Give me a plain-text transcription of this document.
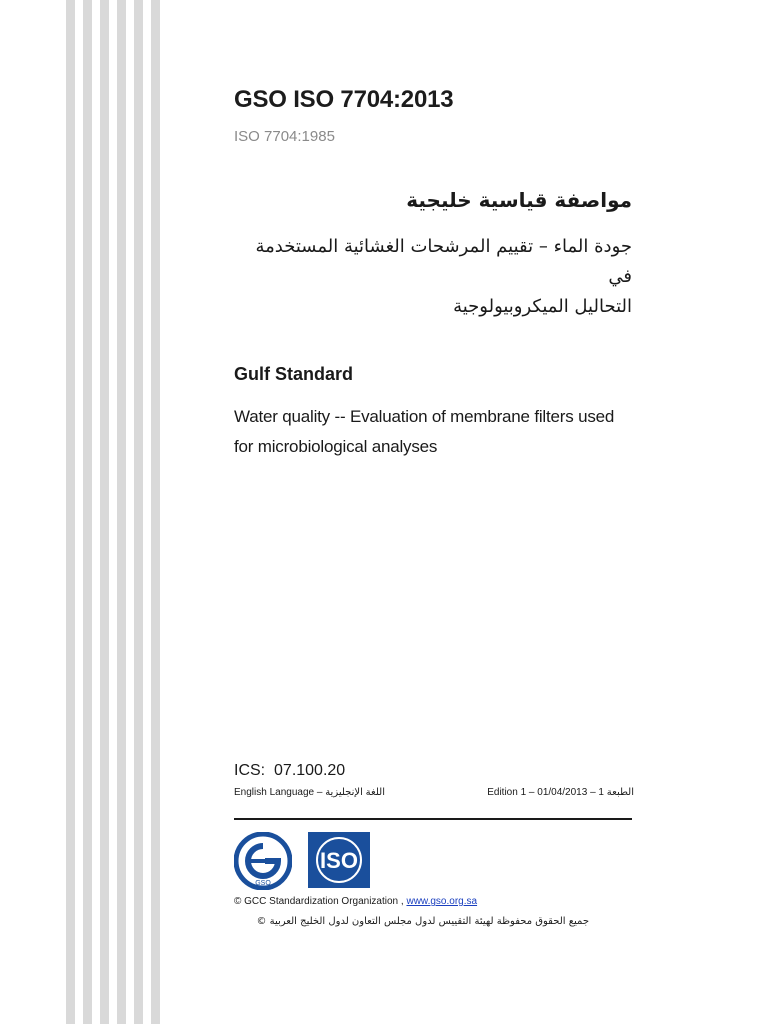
GSO ISO 7704:2013
ISO 7704:1985
مواصفة قياسية خليجية
جودة الماء – تقييم المرشحات الغشائية المستخدمة في
التحاليل الميكروبيولوجية
Gulf Standard
Water quality -- Evaluation of membrane filters used
for microbiological analyses
ICS: 07.100.20
English Language – اللغة الإنجليزية	Edition 1 – 01/04/2013 – الطبعة 1
GSO
ISO
© GCC Standardization Organization , www.gso.org.sa
جميع الحقوق محفوظة لهيئة التقييس لدول مجلس التعاون لدول الخليج العربية ©
